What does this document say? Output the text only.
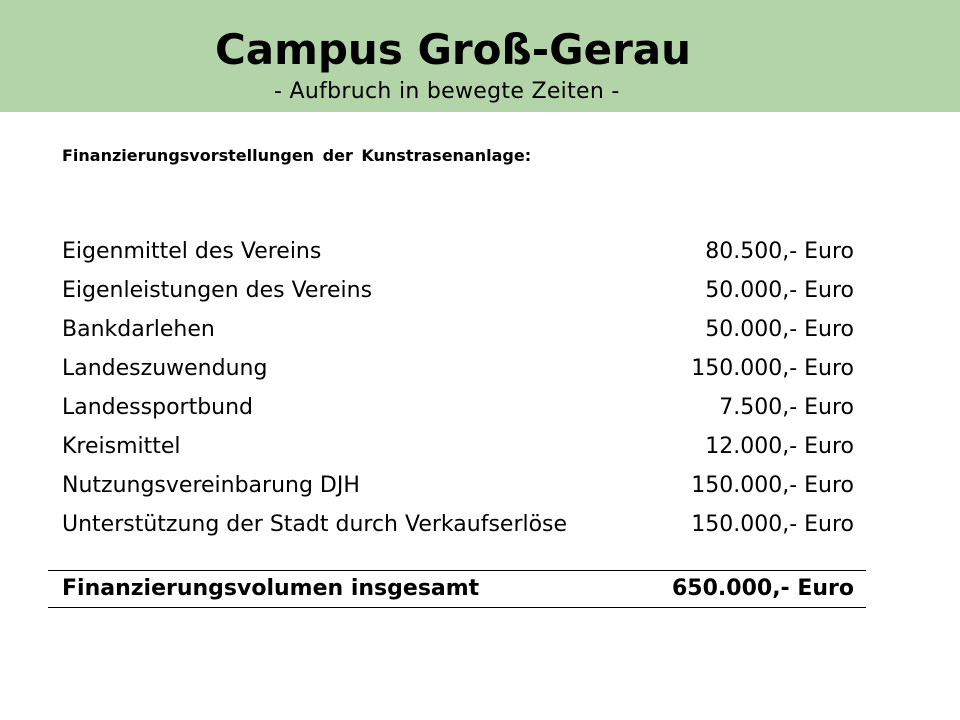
Campus Groß-Gerau
- Aufbruch in bewegte Zeiten -
Finanzierungsvorstellungen der Kunstrasenanlage:
Eigenmittel des Vereins	80.500,- Euro
Eigenleistungen des Vereins	50.000,- Euro
Bankdarlehen	50.000,- Euro
Landeszuwendung	150.000,- Euro
Landessportbund	7.500,- Euro
Kreismittel	12.000,- Euro
Nutzungsvereinbarung DJH	150.000,- Euro
Unterstützung der Stadt durch Verkaufserlöse	150.000,- Euro
Finanzierungsvolumen insgesamt	650.000,- Euro
